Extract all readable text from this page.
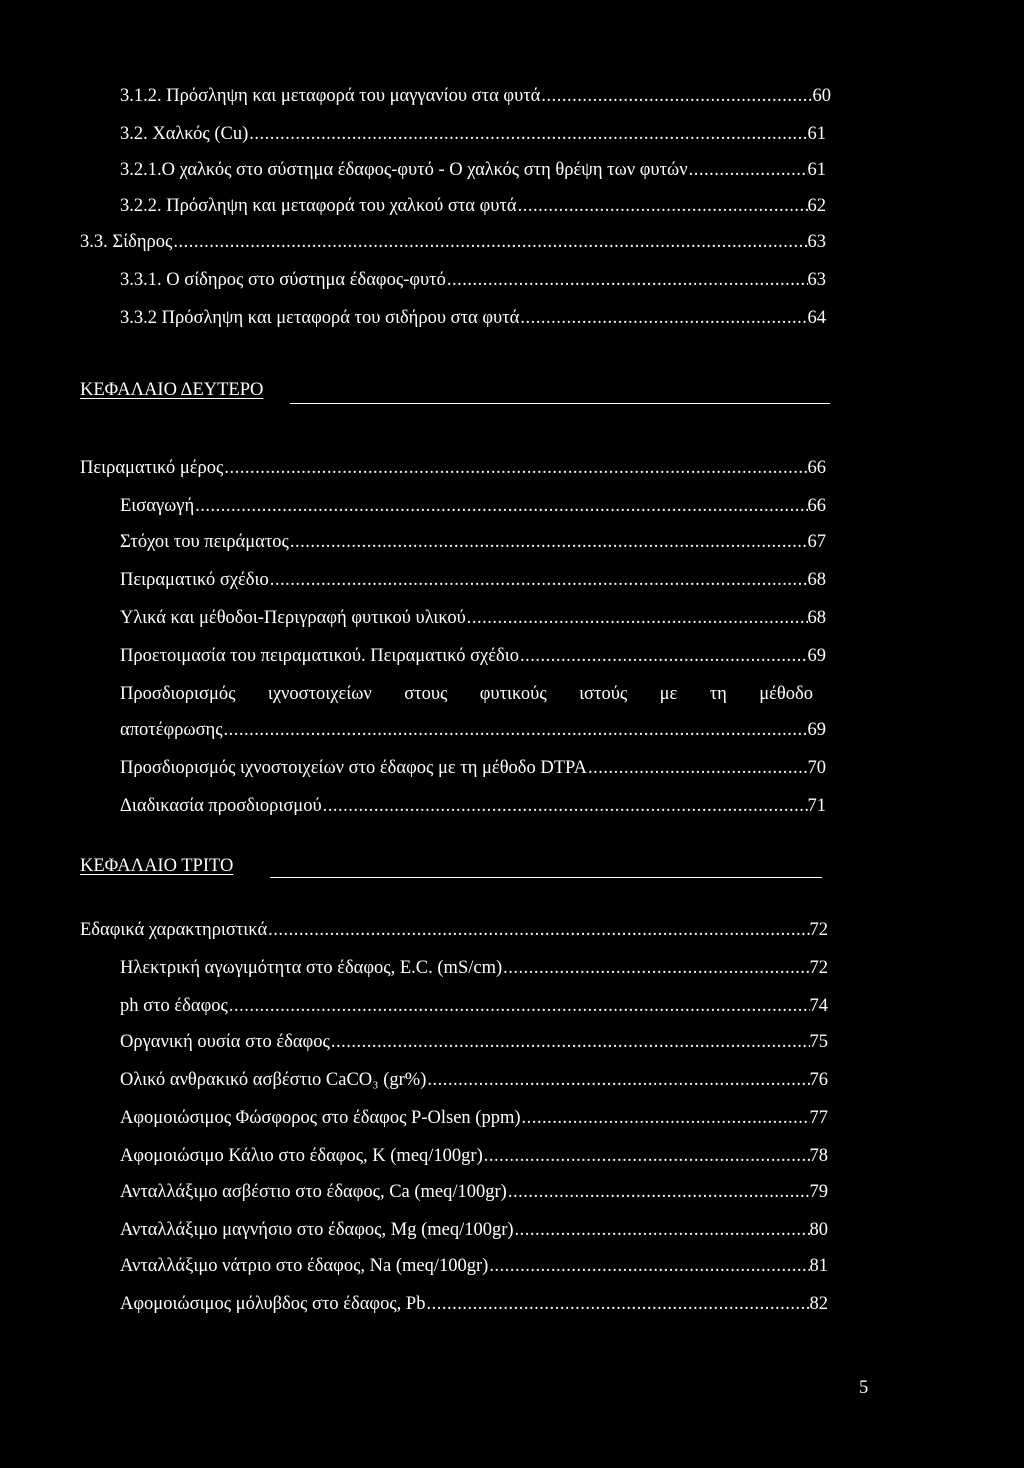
3.1.2. Πρόσληψη και μεταφορά του μαγγανίου στα φυτά .....	60
3.2. Χαλκός (Cu) .....	61
3.2.1.Ο χαλκός στο σύστημα έδαφος-φυτό - Ο χαλκός στη θρέψη των φυτών .....	61
3.2.2. Πρόσληψη και μεταφορά του χαλκού στα φυτά .....	62
3.3. Σίδηρος .....	63
3.3.1. Ο σίδηρος στο σύστημα έδαφος-φυτό .....	63
3.3.2 Πρόσληψη και μεταφορά του σιδήρου στα φυτά .....	64
ΚΕΦΑΛΑΙΟ ΔΕΥΤΕΡΟ
Πειραματικό μέρος .....	66
Εισαγωγή .....	66
Στόχοι του πειράματος .....	67
Πειραματικό σχέδιο .....	68
Υλικά και μέθοδοι-Περιγραφή φυτικού υλικού .....	68
Προετοιμασία του πειραματικού. Πειραματικό σχέδιο .....	69
Προσδιορισμός ιχνοστοιχείων στους φυτικούς ιστούς με τη μέθοδο
αποτέφρωσης .....	69
Προσδιορισμός ιχνοστοιχείων στο έδαφος με τη μέθοδο DTPA .....	70
Διαδικασία προσδιορισμού .....	71
ΚΕΦΑΛΑΙΟ ΤΡΙΤΟ
Εδαφικά χαρακτηριστικά .....	72
Ηλεκτρική αγωγιμότητα στο έδαφος, E.C. (mS/cm) .....	72
ph στο έδαφος .....	74
Οργανική ουσία στο έδαφος .....	75
Ολικό ανθρακικό ασβέστιο CaCO₃ (gr%) .....	76
Αφομοιώσιμος Φώσφορος στο έδαφος P-Olsen (ppm) .....	77
Αφομοιώσιμο Κάλιο στο έδαφος, K (meq/100gr) .....	78
Ανταλλάξιμο ασβέστιο στο έδαφος, Ca (meq/100gr) .....	79
Ανταλλάξιμο μαγνήσιο στο έδαφος, Mg (meq/100gr) .....	80
Ανταλλάξιμο νάτριο στο έδαφος, Na (meq/100gr) .....	81
Αφομοιώσιμος μόλυβδος στο έδαφος, Pb .....	82
5
